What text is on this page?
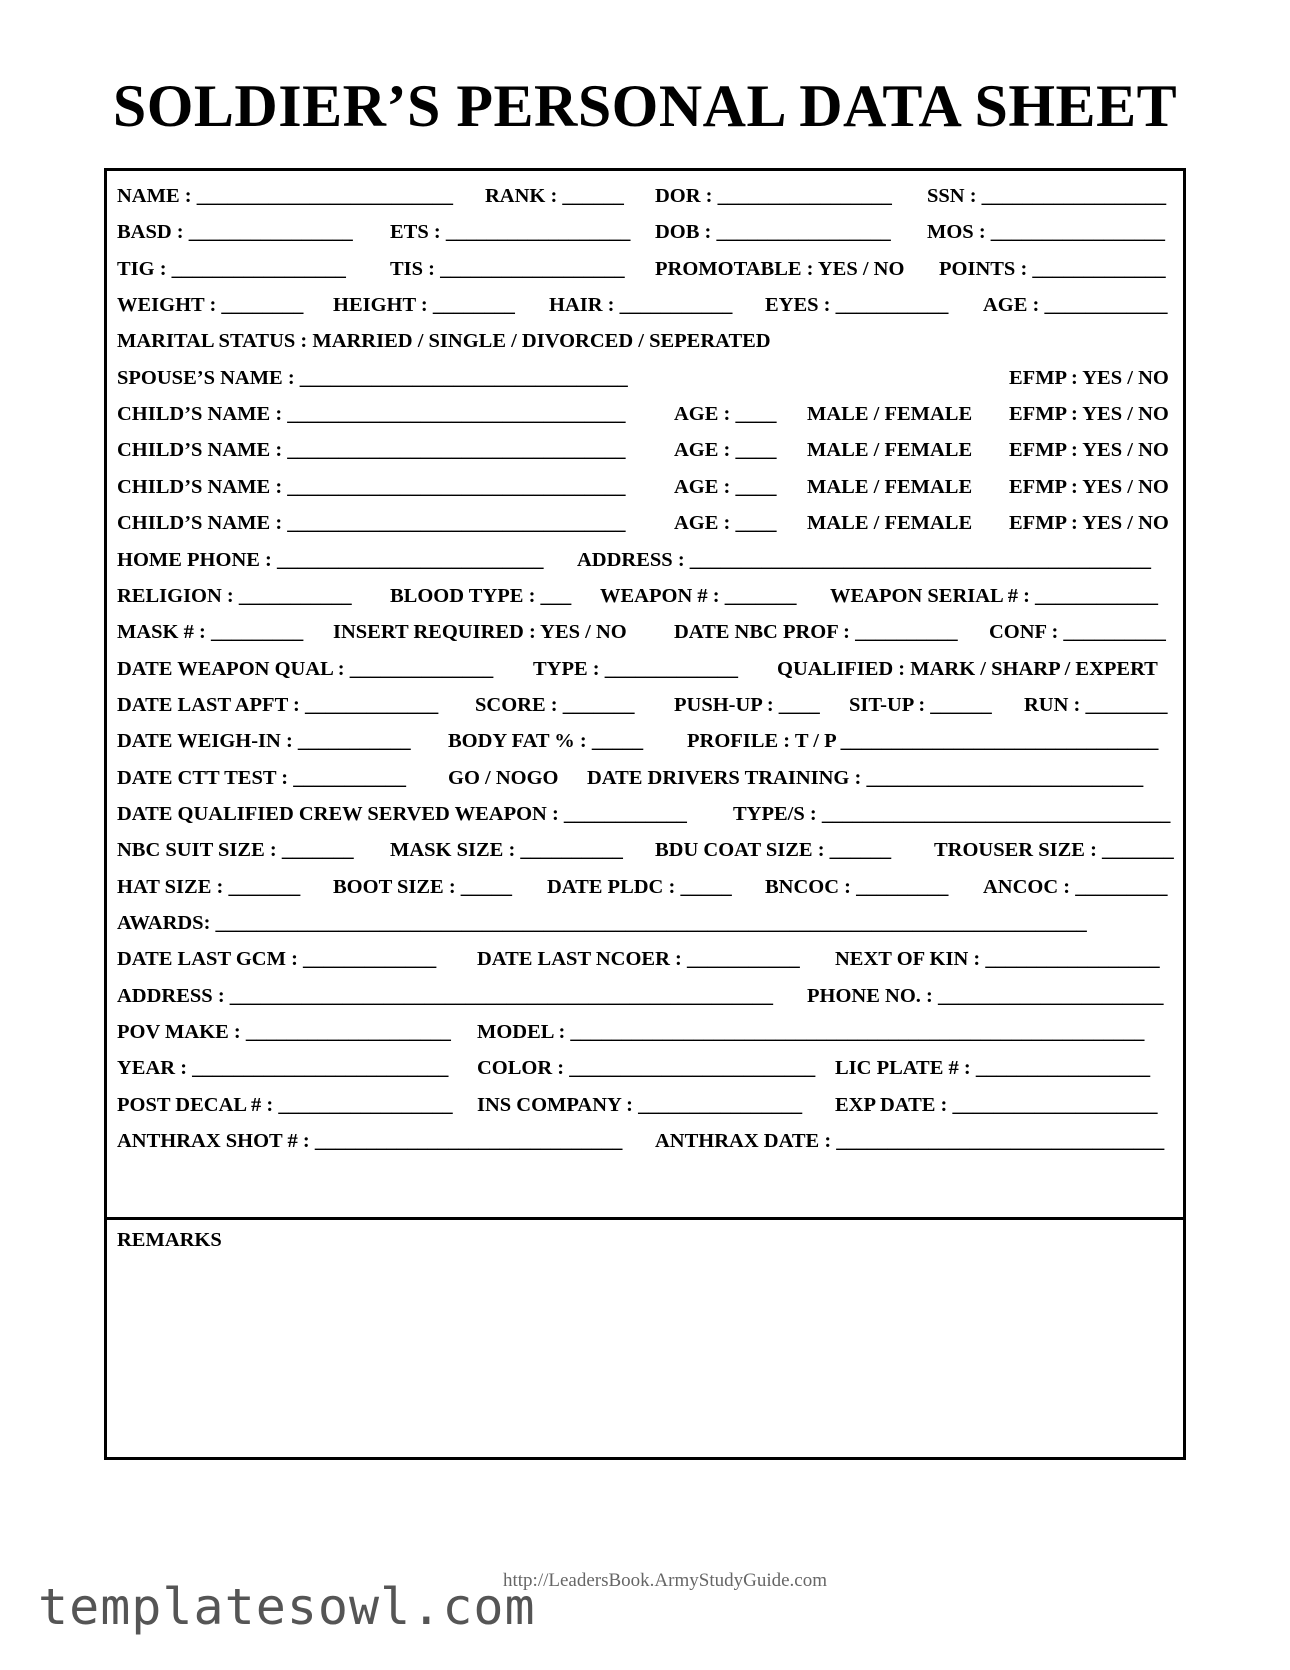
SOLDIER’S PERSONAL DATA SHEET
NAME : _________________________ RANK : ______ DOR : _________________ SSN : __________________
BASD : ________________ ETS : __________________ DOB : _________________ MOS : _________________
TIG : _________________ TIS : __________________ PROMOTABLE : YES / NO POINTS : _____________
WEIGHT : ________ HEIGHT : ________ HAIR : ___________ EYES : ___________ AGE : ____________
MARITAL STATUS : MARRIED / SINGLE / DIVORCED / SEPERATED
SPOUSE’S NAME : ________________________________	EFMP : YES / NO
CHILD’S NAME : _________________________________ AGE : ____ MALE / FEMALE EFMP : YES / NO
CHILD’S NAME : _________________________________ AGE : ____ MALE / FEMALE EFMP : YES / NO
CHILD’S NAME : _________________________________ AGE : ____ MALE / FEMALE EFMP : YES / NO
CHILD’S NAME : _________________________________ AGE : ____ MALE / FEMALE EFMP : YES / NO
HOME PHONE : __________________________ ADDRESS : _____________________________________________
RELIGION : ___________ BLOOD TYPE : ___ WEAPON # : _______ WEAPON SERIAL # : ____________
MASK # : _________ INSERT REQUIRED : YES / NO DATE NBC PROF : __________ CONF : __________
DATE WEAPON QUAL : ______________ TYPE : _____________ QUALIFIED : MARK / SHARP / EXPERT
DATE LAST APFT : _____________ SCORE : _______ PUSH-UP : ____ SIT-UP : ______ RUN : ________
DATE WEIGH-IN : ___________ BODY FAT % : _____ PROFILE : T / P _______________________________
DATE CTT TEST : ___________ GO / NOGO DATE DRIVERS TRAINING : ___________________________
DATE QUALIFIED CREW SERVED WEAPON : ____________ TYPE/S : __________________________________
NBC SUIT SIZE : _______ MASK SIZE : __________ BDU COAT SIZE : ______ TROUSER SIZE : _______
HAT SIZE : _______ BOOT SIZE : _____ DATE PLDC : _____ BNCOC : _________ ANCOC : _________
AWARDS: _____________________________________________________________________________________
DATE LAST GCM : _____________ DATE LAST NCOER : ___________ NEXT OF KIN : _________________
ADDRESS : _____________________________________________________ PHONE NO. : ______________________
POV MAKE : ____________________ MODEL : ________________________________________________________
YEAR : _________________________ COLOR : ________________________ LIC PLATE # : _________________
POST DECAL # : _________________ INS COMPANY : ________________ EXP DATE : ____________________
ANTHRAX SHOT # : ______________________________ ANTHRAX DATE : ________________________________
REMARKS
http://LeadersBook.ArmyStudyGuide.com
templatesowl.com
